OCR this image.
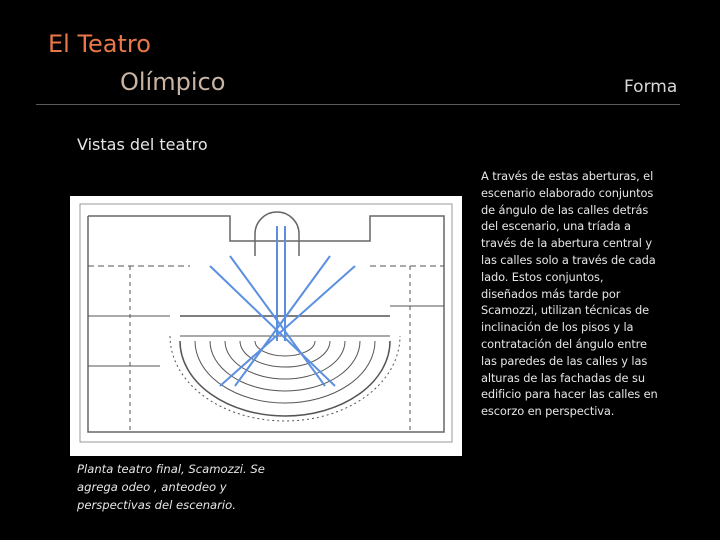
El Teatro
Olímpico	Forma
Vistas del teatro
A través de estas aberturas, el escenario elaborado conjuntos de ángulo de las calles detrás del escenario, una tríada a través de la abertura central y las calles solo a través de cada lado. Estos conjuntos, diseñados más tarde por Scamozzi, utilizan técnicas de inclinación de los pisos y la contratación del ángulo entre las paredes de las calles y las alturas de las fachadas de su edificio para hacer las calles en escorzo en perspectiva.
Planta teatro final, Scamozzi. Se agrega odeo , anteodeo y perspectivas del escenario.
